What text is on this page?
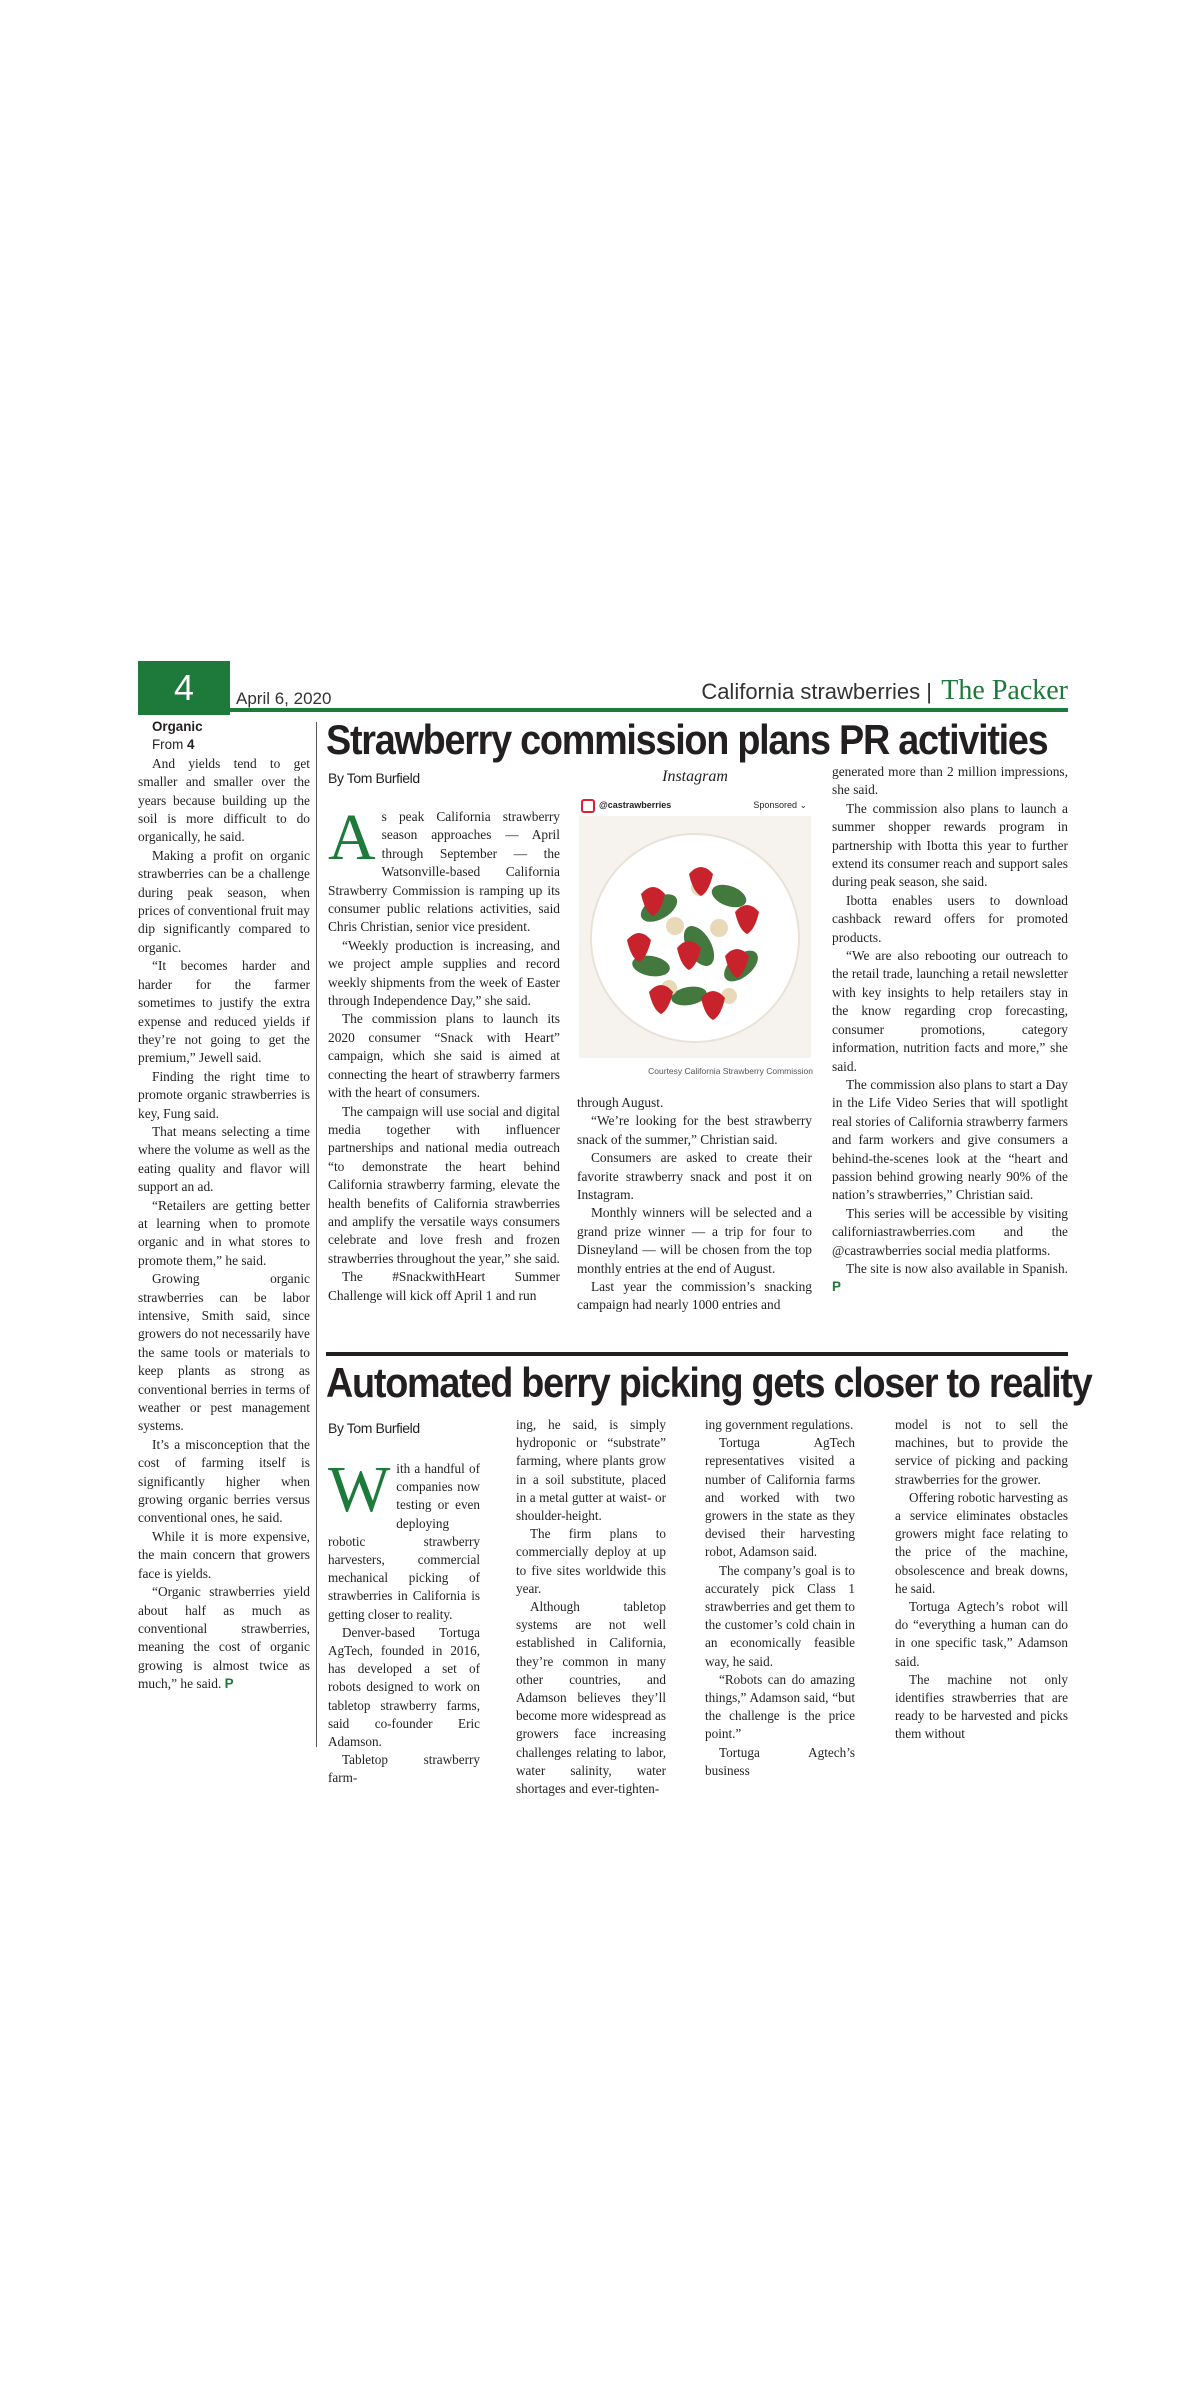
4	April 6, 2020	California strawberries | The Packer

Organic

From 4

And yields tend to get smaller and smaller over the years because building up the soil is more difficult to do organically, he said.

Making a profit on organic strawberries can be a challenge during peak season, when prices of conventional fruit may dip significantly compared to organic.

“It becomes harder and harder for the farmer sometimes to justify the extra expense and reduced yields if they’re not going to get the premium,” Jewell said.

Finding the right time to promote organic strawberries is key, Fung said.

That means selecting a time where the volume as well as the eating quality and flavor will support an ad.

“Retailers are getting better at learning when to promote organic and in what stores to promote them,” he said.

Growing organic strawberries can be labor intensive, Smith said, since growers do not necessarily have the same tools or materials to keep plants as strong as conventional berries in terms of weather or pest management systems.

It’s a misconception that the cost of farming itself is significantly higher when growing organic berries versus conventional ones, he said.

While it is more expensive, the main concern that growers face is yields.

“Organic strawberries yield about half as much as conventional strawberries, meaning the cost of organic growing is almost twice as much,” he said. P

Strawberry commission plans PR activities

By Tom Burfield

As peak California strawberry season approaches — April through September — the Watsonville-based California Strawberry Commission is ramping up its consumer public relations activities, said Chris Christian, senior vice president.

“Weekly production is increasing, and we project ample supplies and record weekly shipments from the week of Easter through Independence Day,” she said.

The commission plans to launch its 2020 consumer “Snack with Heart” campaign, which she said is aimed at connecting the heart of strawberry farmers with the heart of consumers.

The campaign will use social and digital media together with influencer partnerships and national media outreach “to demonstrate the heart behind California strawberry farming, elevate the health benefits of California strawberries and amplify the versatile ways consumers celebrate and love fresh and frozen strawberries throughout the year,” she said.

The #SnackwithHeart Summer Challenge will kick off April 1 and run

Instagram
@castrawberries	Sponsored ⌄
Courtesy California Strawberry Commission

through August.

“We’re looking for the best strawberry snack of the summer,” Christian said.

Consumers are asked to create their favorite strawberry snack and post it on Instagram.

Monthly winners will be selected and a grand prize winner — a trip for four to Disneyland — will be chosen from the top monthly entries at the end of August.

Last year the commission’s snacking campaign had nearly 1000 entries and

generated more than 2 million impressions, she said.

The commission also plans to launch a summer shopper rewards program in partnership with Ibotta this year to further extend its consumer reach and support sales during peak season, she said.

Ibotta enables users to download cashback reward offers for promoted products.

“We are also rebooting our outreach to the retail trade, launching a retail newsletter with key insights to help retailers stay in the know regarding crop forecasting, consumer promotions, category information, nutrition facts and more,” she said.

The commission also plans to start a Day in the Life Video Series that will spotlight real stories of California strawberry farmers and farm workers and give consumers a behind-the-scenes look at the “heart and passion behind growing nearly 90% of the nation’s strawberries,” Christian said.

This series will be accessible by visiting californiastrawberries.com and the @castrawberries social media platforms.

The site is now also available in Spanish. P

Automated berry picking gets closer to reality

By Tom Burfield

With a handful of companies now testing or even deploying robotic strawberry harvesters, commercial mechanical picking of strawberries in California is getting closer to reality.

Denver-based Tortuga AgTech, founded in 2016, has developed a set of robots designed to work on tabletop strawberry farms, said co-founder Eric Adamson.

Tabletop strawberry farm-

ing, he said, is simply hydroponic or “substrate” farming, where plants grow in a soil substitute, placed in a metal gutter at waist- or shoulder-height.

The firm plans to commercially deploy at up to five sites worldwide this year.

Although tabletop systems are not well established in California, they’re common in many other countries, and Adamson believes they’ll become more widespread as growers face increasing challenges relating to labor, water salinity, water shortages and ever-tighten-

ing government regulations.

Tortuga AgTech representatives visited a number of California farms and worked with two growers in the state as they devised their harvesting robot, Adamson said.

The company’s goal is to accurately pick Class 1 strawberries and get them to the customer’s cold chain in an economically feasible way, he said.

“Robots can do amazing things,” Adamson said, “but the challenge is the price point.”

Tortuga Agtech’s business

model is not to sell the machines, but to provide the service of picking and packing strawberries for the grower.

Offering robotic harvesting as a service eliminates obstacles growers might face relating to the price of the machine, obsolescence and break downs, he said.

Tortuga Agtech’s robot will do “everything a human can do in one specific task,” Adamson said.

The machine not only identifies strawberries that are ready to be harvested and picks them without
